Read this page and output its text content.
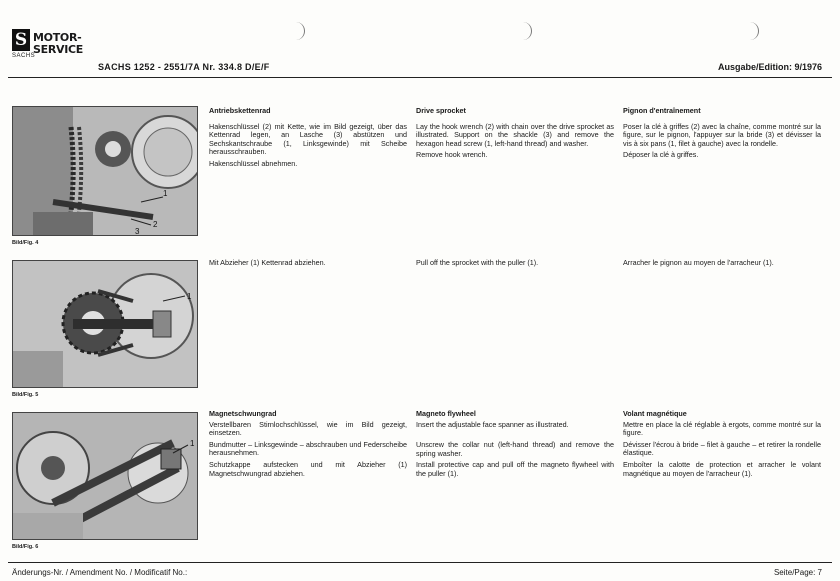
S
SACHS
MOTOR-
SERVICE
SACHS 1252 - 2551/7A Nr. 334.8 D/E/F	Ausgabe/Edition: 9/1976
1
2
3
Bild/Fig. 4
1
Bild/Fig. 5
1
Bild/Fig. 6
Antriebskettenrad

Hakenschlüssel (2) mit Kette, wie im Bild gezeigt, über das Kettenrad legen, an Lasche (3) abstützen und Sechskantschraube (1, Linksgewinde) mit Scheibe herausschrauben.

Hakenschlüssel abnehmen.

Drive sprocket

Lay the hook wrench (2) with chain over the drive sprocket as illustrated. Support on the shackle (3) and remove the hexagon head screw (1, left-hand thread) and washer.

Remove hook wrench.

Pignon d'entraînement

Poser la clé à griffes (2) avec la chaîne, comme montré sur la figure, sur le pignon, l'appuyer sur la bride (3) et dévisser la vis à six pans (1, filet à gauche) avec la rondelle.

Déposer la clé à griffes.

Mit Abzieher (1) Kettenrad abziehen.	Pull off the sprocket with the puller (1).	Arracher le pignon au moyen de l'arracheur (1).

Magnetschwungrad

Verstellbaren Stirnlochschlüssel, wie im Bild gezeigt, einsetzen.

Bundmutter – Linksgewinde – abschrauben und Federscheibe herausnehmen.

Schutzkappe aufstecken und mit Abzieher (1) Magnetschwungrad abziehen.

Magneto flywheel

Insert the adjustable face spanner as illustrated.

Unscrew the collar nut (left-hand thread) and remove the spring washer.

Install protective cap and pull off the magneto flywheel with the puller (1).

Volant magnétique

Mettre en place la clé réglable à ergots, comme montré sur la figure.

Dévisser l'écrou à bride – filet à gauche – et retirer la rondelle élastique.

Emboîter la calotte de protection et arracher le volant magnétique au moyen de l'arracheur (1).

Änderungs-Nr. / Amendment No. / Modificatif No.:	Seite/Page: 7
